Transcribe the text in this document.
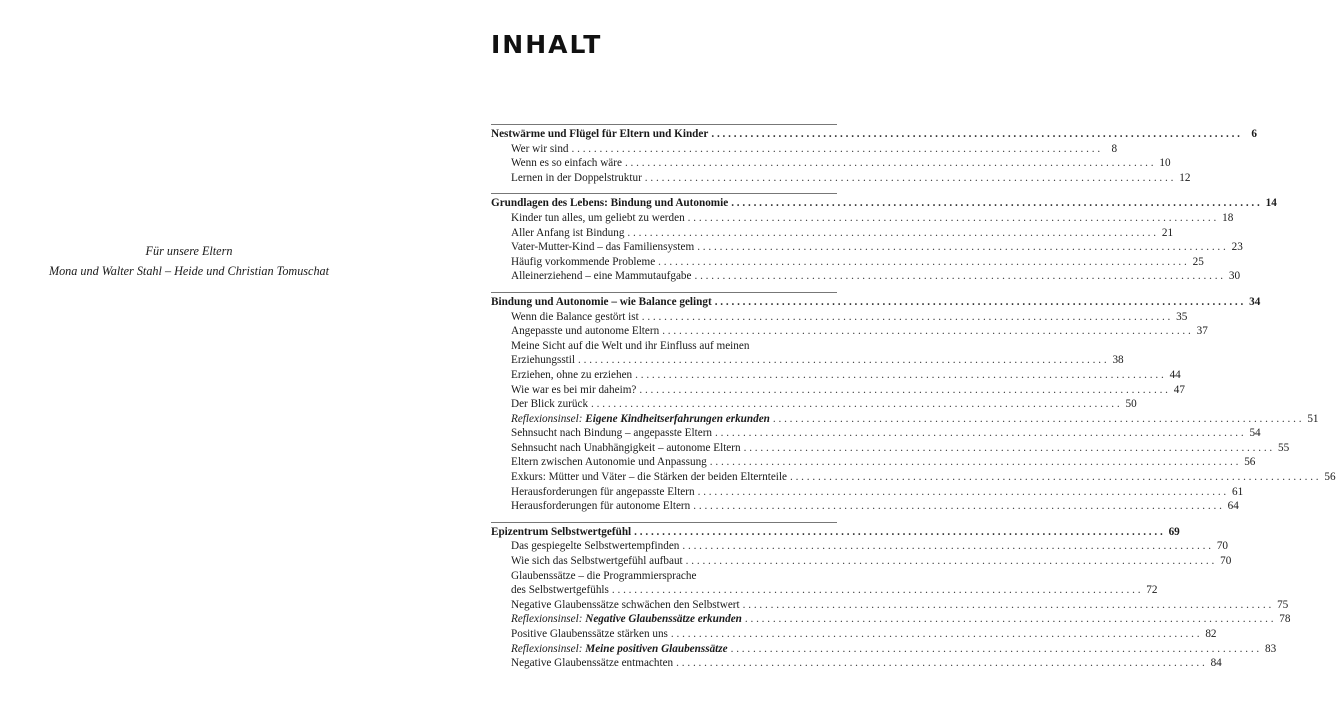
Für unsere Eltern
Mona und Walter Stahl – Heide und Christian Tomuschat
INHALT
Nestwärme und Flügel für Eltern und Kinder . . .	6
Wer wir sind . . .	8
Wenn es so einfach wäre . . .	10
Lernen in der Doppelstruktur . . .	12
Grundlagen des Lebens: Bindung und Autonomie . . .	14
Kinder tun alles, um geliebt zu werden . . .	18
Aller Anfang ist Bindung . . .	21
Vater-Mutter-Kind – das Familiensystem . . .	23
Häufig vorkommende Probleme . . .	25
Alleinerziehend – eine Mammutaufgabe . . .	30
Bindung und Autonomie – wie Balance gelingt . . .	34
Wenn die Balance gestört ist . . .	35
Angepasste und autonome Eltern . . .	37
Meine Sicht auf die Welt und ihr Einfluss auf meinen
Erziehungsstil . . .	38
Erziehen, ohne zu erziehen . . .	44
Wie war es bei mir daheim? . . .	47
Der Blick zurück . . .	50
Reflexionsinsel: Eigene Kindheitserfahrungen erkunden . . .	51
Sehnsucht nach Bindung – angepasste Eltern . . .	54
Sehnsucht nach Unabhängigkeit – autonome Eltern . . .	55
Eltern zwischen Autonomie und Anpassung . . .	56
Exkurs: Mütter und Väter – die Stärken der beiden Elternteile . . .	56
Herausforderungen für angepasste Eltern . . .	61
Herausforderungen für autonome Eltern . . .	64
Epizentrum Selbstwertgefühl . . .	69
Das gespiegelte Selbstwertempfinden . . .	70
Wie sich das Selbstwertgefühl aufbaut . . .	70
Glaubenssätze – die Programmiersprache
des Selbstwertgefühls . . .	72
Negative Glaubenssätze schwächen den Selbstwert . . .	75
Reflexionsinsel: Negative Glaubenssätze erkunden . . .	78
Positive Glaubenssätze stärken uns . . .	82
Reflexionsinsel: Meine positiven Glaubenssätze . . .	83
Negative Glaubenssätze entmachten . . .	84
